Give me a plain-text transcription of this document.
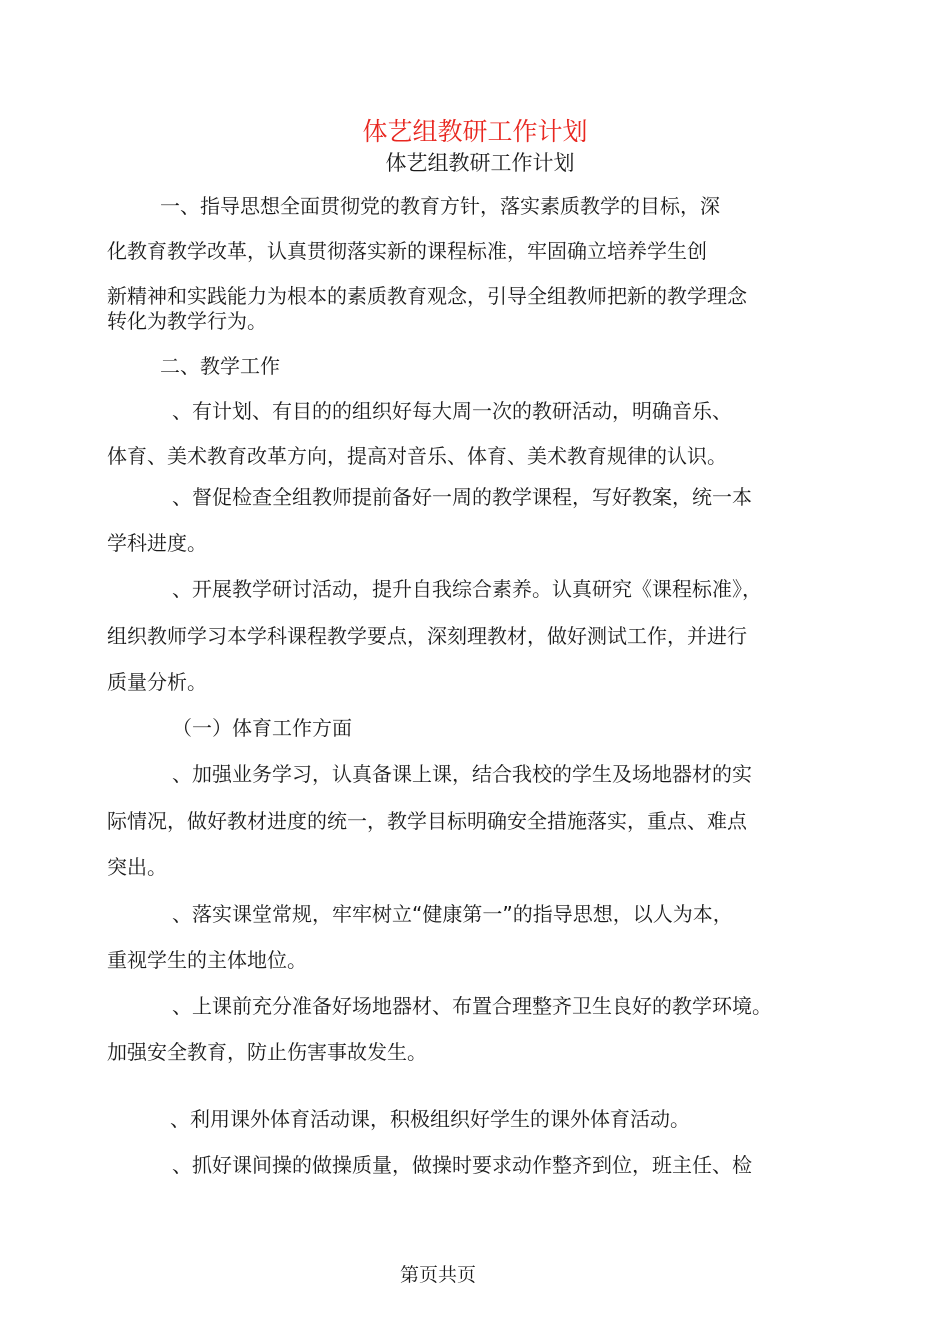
体艺组教研工作计划
体艺组教研工作计划
一、指导思想全面贯彻党的教育方针，落实素质教学的目标，深
化教育教学改革，认真贯彻落实新的课程标准，牢固确立培养学生创
新精神和实践能力为根本的素质教育观念，引导全组教师把新的教学理念
转化为教学行为。
二、教学工作
、有计划、有目的的组织好每大周一次的教研活动，明确音乐、
体育、美术教育改革方向，提高对音乐、体育、美术教育规律的认识。
、督促检查全组教师提前备好一周的教学课程，写好教案，统一本
学科进度。
、开展教学研讨活动，提升自我综合素养。认真研究《课程标准》，
组织教师学习本学科课程教学要点，深刻理教材，做好测试工作，并进行
质量分析。
（一）体育工作方面
、加强业务学习，认真备课上课，结合我校的学生及场地器材的实
际情况，做好教材进度的统一，教学目标明确安全措施落实，重点、难点
突出。
、落实课堂常规，牢牢树立“健康第一”的指导思想，以人为本，
重视学生的主体地位。
、上课前充分准备好场地器材、布置合理整齐卫生良好的教学环境。
加强安全教育，防止伤害事故发生。
、利用课外体育活动课，积极组织好学生的课外体育活动。
、抓好课间操的做操质量，做操时要求动作整齐到位，班主任、检
第页共页
